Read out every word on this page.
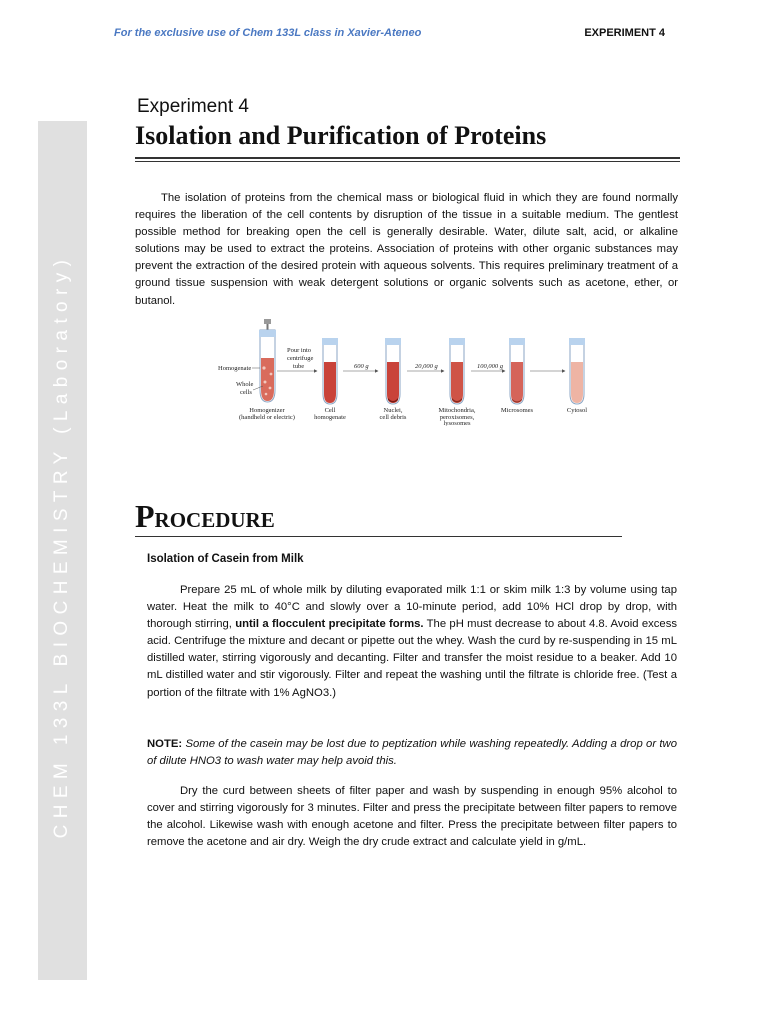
For the exclusive use of Chem 133L class in Xavier-Ateneo	EXPERIMENT 4
CHEM 133L BIOCHEMISTRY (Laboratory)
Experiment 4
Isolation and Purification of Proteins
The isolation of proteins from the chemical mass or biological fluid in which they are found normally requires the liberation of the cell contents by disruption of the tissue in a suitable medium. The gentlest possible method for breaking open the cell is generally desirable. Water, dilute salt, acid, or alkaline solutions may be used to extract the proteins. Association of proteins with other organic substances may prevent the extraction of the desired protein with aqueous solvents. This requires preliminary treatment of a ground tissue suspension with weak detergent solutions or organic solvents such as acetone, ether, or butanol.
Homogenate
Whole
cells
Pour into
centrifuge
tube	600 g	20,000 g	100,000 g
Homogenizer
(handheld or electric)
Cell
homogenate
Nuclei,
cell debris
Mitochondria,
peroxisomes,
lysosomes
Microsomes	Cytosol
PROCEDURE
Isolation of Casein from Milk
Prepare 25 mL of whole milk by diluting evaporated milk 1:1 or skim milk 1:3 by volume using tap water. Heat the milk to 40°C and slowly over a 10-minute period, add 10% HCl drop by drop, with thorough stirring, until a flocculent precipitate forms. The pH must decrease to about 4.8. Avoid excess acid. Centrifuge the mixture and decant or pipette out the whey. Wash the curd by re-suspending in 15 mL distilled water, stirring vigorously and decanting. Filter and transfer the moist residue to a beaker. Add 10 mL distilled water and stir vigorously. Filter and repeat the washing until the filtrate is chloride free. (Test a portion of the filtrate with 1% AgNO3.)
NOTE: Some of the casein may be lost due to peptization while washing repeatedly. Adding a drop or two of dilute HNO3 to wash water may help avoid this.
Dry the curd between sheets of filter paper and wash by suspending in enough 95% alcohol to cover and stirring vigorously for 3 minutes. Filter and press the precipitate between filter papers to remove the alcohol. Likewise wash with enough acetone and filter. Press the precipitate between filter papers to remove the acetone and air dry. Weigh the dry crude extract and calculate yield in g/mL.
